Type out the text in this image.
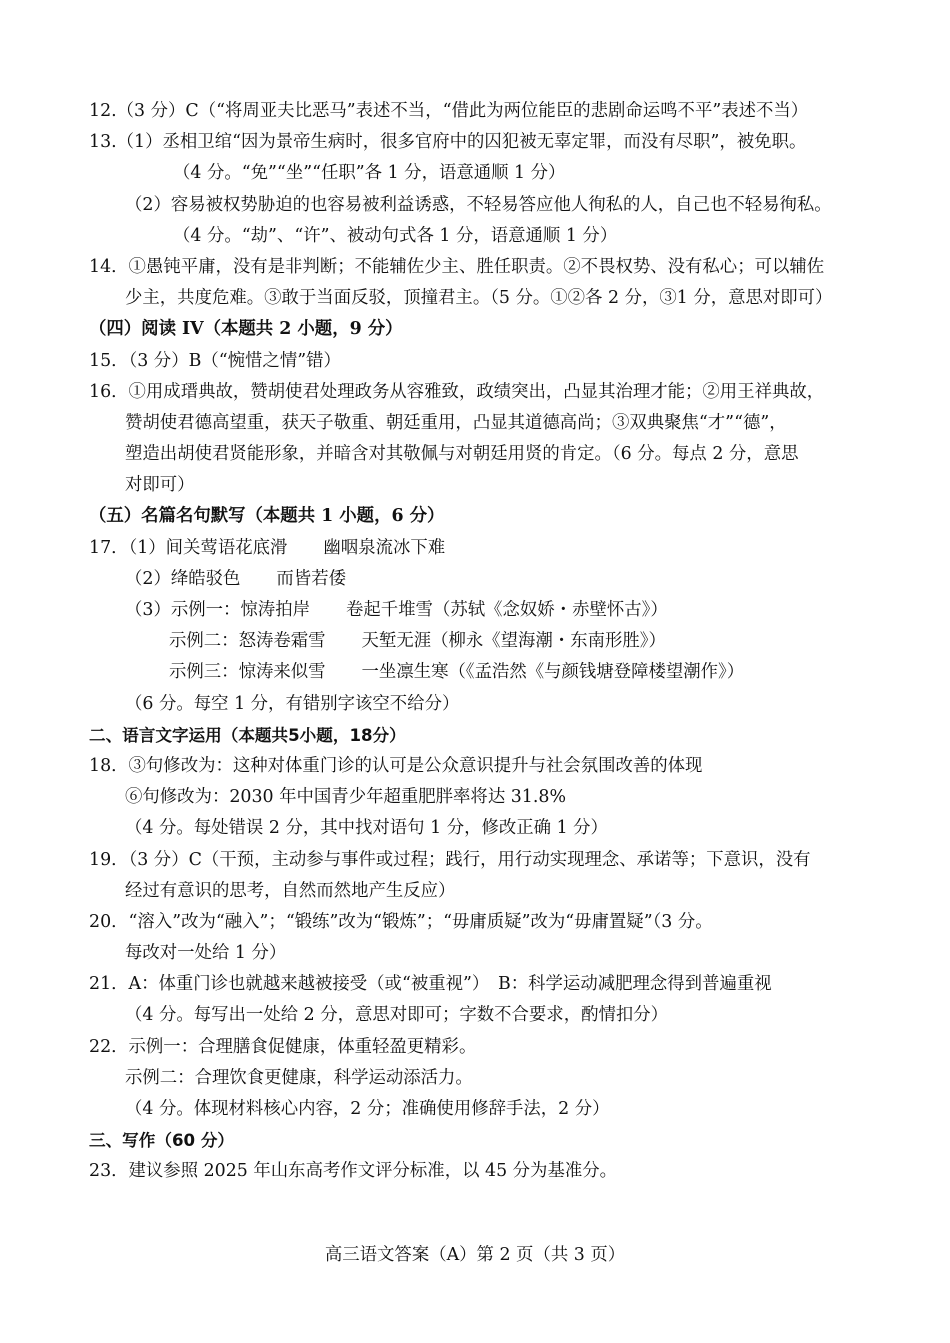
12.（3 分）C（“将周亚夫比恶马”表述不当，“借此为两位能臣的悲剧命运鸣不平”表述不当）
13.（1）丞相卫绾“因为景帝生病时，很多官府中的囚犯被无辜定罪，而没有尽职”，被免职。
（4 分。“免”“坐”“任职”各 1 分，语意通顺 1 分）
（2）容易被权势胁迫的也容易被利益诱惑，不轻易答应他人徇私的人，自己也不轻易徇私。
（4 分。“劫”、“许”、被动句式各 1 分，语意通顺 1 分）
14．①愚钝平庸，没有是非判断；不能辅佐少主、胜任职责。②不畏权势、没有私心；可以辅佐
少主，共度危难。③敢于当面反驳，顶撞君主。（5 分。①②各 2 分，③1 分，意思对即可）
（四）阅读 IV（本题共 2 小题，9 分）
15．（3 分）B（“惋惜之情”错）
16．①用成瑨典故，赞胡使君处理政务从容雅致，政绩突出，凸显其治理才能；②用王祥典故，
赞胡使君德高望重，获天子敬重、朝廷重用，凸显其道德高尚；③双典聚焦“才”“德”，
塑造出胡使君贤能形象，并暗含对其敬佩与对朝廷用贤的肯定。（6 分。每点 2 分，意思
对即可）
（五）名篇名句默写（本题共 1 小题，6 分）
17．（1）间关莺语花底滑 幽咽泉流冰下难
（2）绛皓驳色 而皆若倭
（3）示例一：惊涛拍岸 卷起千堆雪（苏轼《念奴娇・赤壁怀古》）
示例二：怒涛卷霜雪 天堑无涯（柳永《望海潮・东南形胜》）
示例三：惊涛来似雪 一坐凛生寒（《孟浩然《与颜钱塘登障楼望潮作》）
（6 分。每空 1 分，有错别字该空不给分）
二、语言文字运用（本题共5小题，18分）
18．③句修改为：这种对体重门诊的认可是公众意识提升与社会氛围改善的体现
⑥句修改为：2030 年中国青少年超重肥胖率将达 31.8%
（4 分。每处错误 2 分，其中找对语句 1 分，修改正确 1 分）
19．（3 分）C（干预，主动参与事件或过程；践行，用行动实现理念、承诺等；下意识，没有
经过有意识的思考，自然而然地产生反应）
20．“溶入”改为“融入”；“锻练”改为“锻炼”；“毋庸质疑”改为“毋庸置疑”（3 分。
每改对一处给 1 分）
21．A：体重门诊也就越来越被接受（或“被重视”）　B：科学运动减肥理念得到普遍重视
（4 分。每写出一处给 2 分，意思对即可；字数不合要求，酌情扣分）
22．示例一：合理膳食促健康，体重轻盈更精彩。
示例二：合理饮食更健康，科学运动添活力。
（4 分。体现材料核心内容，2 分；准确使用修辞手法，2 分）
三、写作（60 分）
23．建议参照 2025 年山东高考作文评分标准，以 45 分为基准分。
高三语文答案（A）第 2 页（共 3 页）
